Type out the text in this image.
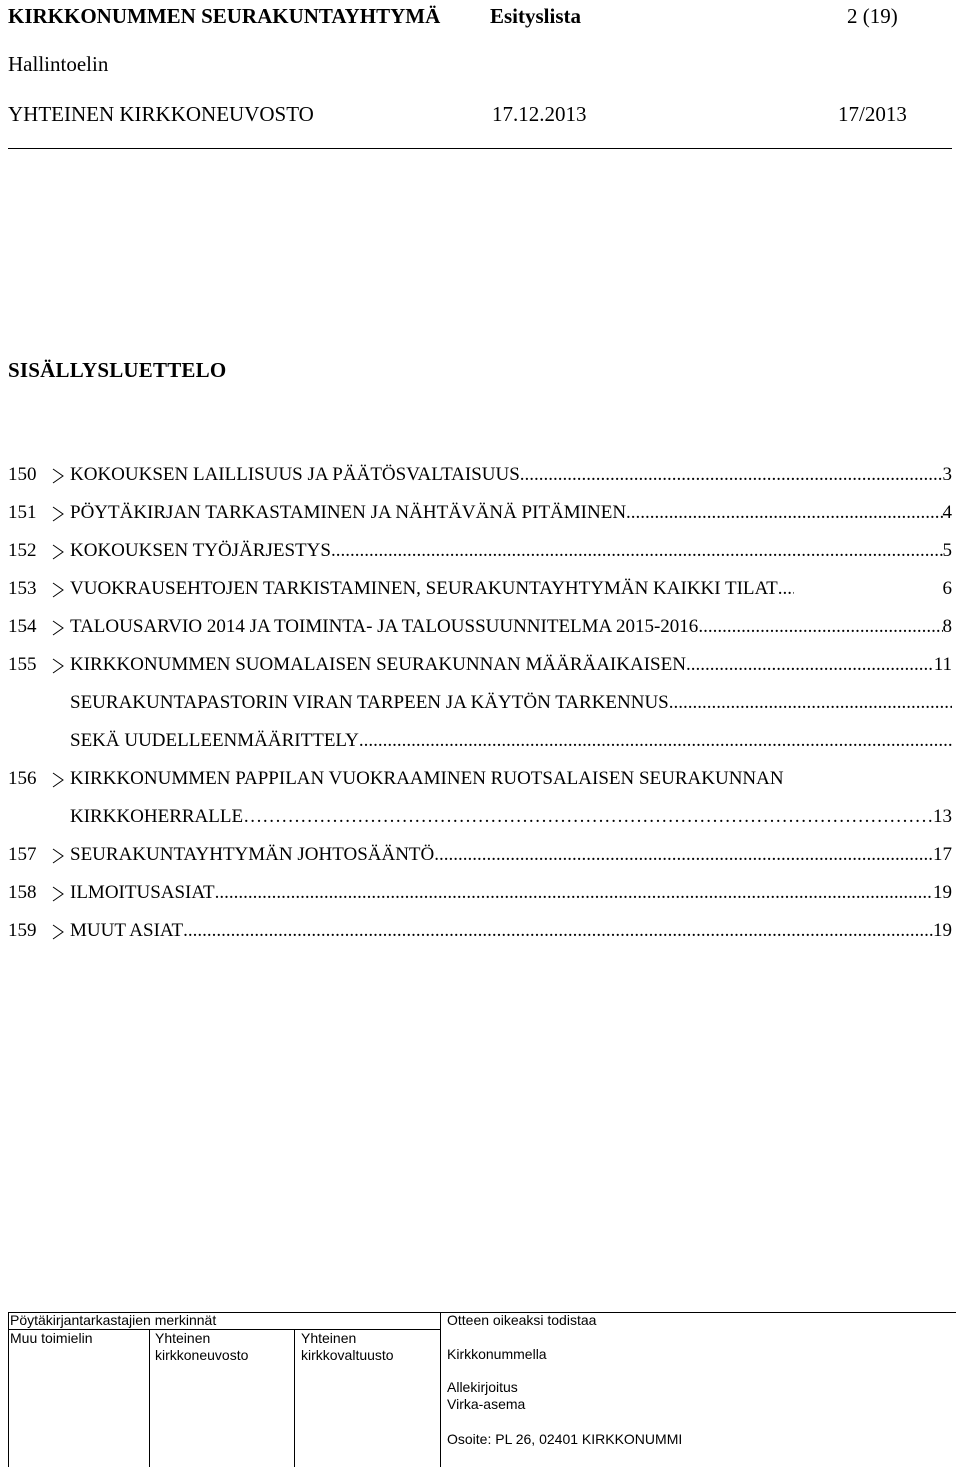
KIRKKONUMMEN SEURAKUNTAYHTYMÄ Esityslista	2 (19)
Hallintoelin
YHTEINEN KIRKKONEUVOSTO	17.12.2013	17/2013
SISÄLLYSLUETTELO
150	KOKOUKSEN LAILLISUUS JA PÄÄTÖSVALTAISUUS .....	3
151	PÖYTÄKIRJAN TARKASTAMINEN JA NÄHTÄVÄNÄ PITÄMINEN .....	4
152	KOKOUKSEN TYÖJÄRJESTYS .....	5
153	VUOKRAUSEHTOJEN TARKISTAMINEN, SEURAKUNTAYHTYMÄN KAIKKI TILAT .....	6
154	TALOUSARVIO 2014 JA TOIMINTA- JA TALOUSSUUNNITELMA 2015-2016 .....	8
155	KIRKKONUMMEN SUOMALAISEN SEURAKUNNAN MÄÄRÄAIKAISEN .....	11
SEURAKUNTAPASTORIN VIRAN TARPEEN JA KÄYTÖN TARKENNUS
.....
SEKÄ UUDELLEENMÄÄRITTELY
.....
156	KIRKKONUMMEN PAPPILAN VUOKRAAMINEN RUOTSALAISEN SEURAKUNNAN
KIRKKOHERRALLE ……………………………………………………………………………………………………………………………………………………………………	13
157	SEURAKUNTAYHTYMÄN JOHTOSÄÄNTÖ .....	17
158	ILMOITUSASIAT .....	19
159	MUUT ASIAT .....	19
Pöytäkirjantarkastajien merkinnät
Muu toimielin	Yhteinen
kirkkoneuvosto
Yhteinen
kirkkovaltuusto
Otteen oikeaksi todistaa
Kirkkonummella
Allekirjoitus
Virka-asema
Osoite: PL 26, 02401 KIRKKONUMMI
